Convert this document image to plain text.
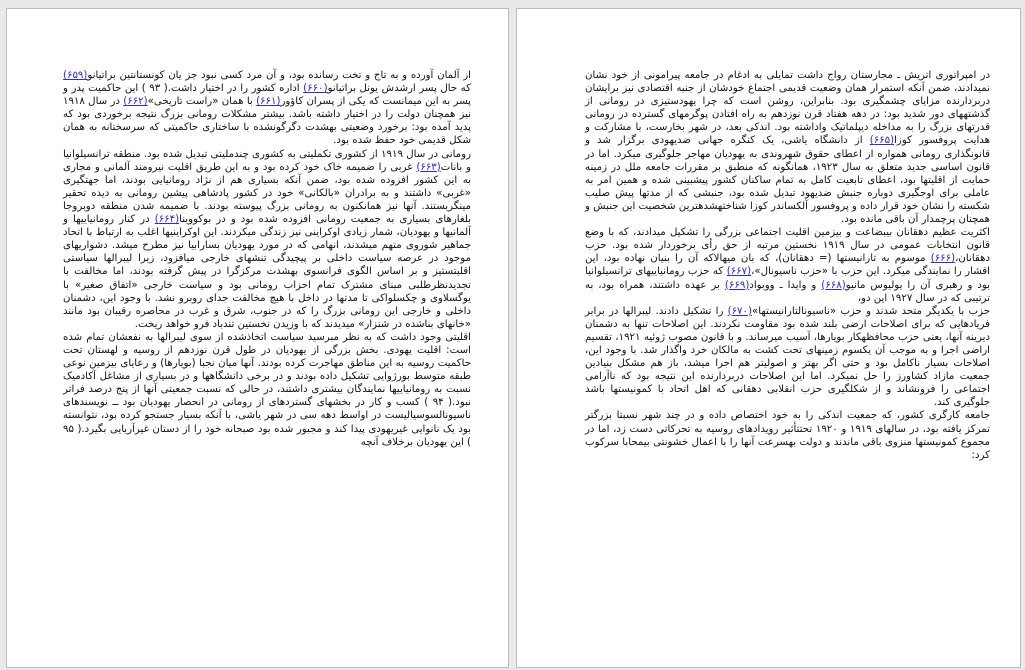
از آلمان آورده و به تاج و تخت رسانده بود، و آن مرد کسی نبود جز یان کونستانتین براتیانو(۶۵۹) که حال پسر ارشدش یونل براتیانو(۶۶۰) اداره کشور را در اختیار داشت.( ۹۳ ) این حاکمیت پدر و پسر به این میمانست که یکی از پسران کاؤور(۶۶۱) با همان «راست تاریخی»(۶۶۲) در سال ۱۹۱۸ نیز همچنان دولت را در اختیار داشته باشد. بیشتر مشکلات رومانی بزرگ نتیجه برخوردی بود که پدید آمده بود: برخورد وضعیتی بهشدت دگرگونشده با ساختاری حاکمیتی که سرسختانه به همان شکل قدیمی خود حفظ شده بود.

رومانی در سال ۱۹۱۹ از کشوری تکملیتی به کشوری چندملیتی تبدیل شده بود. منطقه ترانسیلوانیا و بانات(۶۶۳) غربی را ضمیمه خاک خود کرده بود و به این طریق اقلیت نیرومند آلمانی و مجاری به این کشور افزوده شده بود، ضمن آنکه بسیاری هم از نژاد رومانیایی بودند، اما جهتگیری «غربی» داشتند و به برادران «بالکانی» خود در کشور پادشاهی پیشین رومانی به دیده تحقیر مینگریستند. آنها نیز همانکنون به رومانی بزرگ پیوسته بودند. با ضمیمه شدن منطقه دوبروجا بلغارهای بسیاری به جمعیت رومانی افزوده شده بود و در بوکووینا(۶۶۴) در کنار رومانیاییها و آلمانیها و یهودیان، شمار زیادی اوکراینی نیز زندگی میکردند. این اوکراینیها اغلب به ارتباط با اتحاد جماهیر شوروی متهم میشدند، انهامی که در مورد یهودیان بسارابیا نیز مطرح میشد. دشواریهای موجود در عرصه سیاست داخلی بر پیچیدگی تنشهای خارجی میافزود، زیرا لیبرالها سیاستی اقلیتستیز و بر اساس الگوی فرانسوی بهشدت مرکزگرا در پیش گرفته بودند، اما مخالفت با تجدیدنظرطلبی مبنای مشترک تمام احزاب رومانی بود و سیاست خارجی «اتفاق صغیر» با یوگسلاوی و چکسلواکی تا مدتها در داخل با هیچ مخالفت جدای روبرو نشد. با وجود این، دشمنان داخلی و خارجی این رومانی بزرگ را که در جنوب، شرق و غرب در محاصره رقیبان بود مانند «خانهای بناشده در شنزار» میدیدند که با وزیدن نخستین تندباد فرو خواهد ریخت.

اقلیتی وجود داشت که به نظر مبرسید سیاست اتخاذشده از سوی لیبرالها به نفعشان تمام شده است: اقلیت یهودی. بخش بزرگی از یهودیان در طول قرن نوزدهم از روسیه و لهستان تحت حاکمیت روسیه به این مناطق مهاجرت کرده بودند. آنها میان نجبا (بویارها) و رعایای بیزمین نوعی طبقه متوسط بورژوایی تشکیل داده بودند و در برخی دانشگاهها و در بسیاری از مشاغل آکادمیک نسبت به رومانیاییها نمایندگان بیشتری داشتند، در حالی که نسبت جمعیتی آنها از پنج درصد فراتر نبود.( ۹۴ ) کسب و کار در بخشهای گستردهای از رومانی در انحصار یهودیان بود ــ نویسندهای ناسیونالسوسیالیست در اواسط دهه سی در شهر یاشی، با آنکه بسیار جستجو کرده بود، نتوانسته بود یک نانوایی غیریهودی پیدا کند و مجبور شده بود صبحانه خود را از دستان غیرآریایی بگیرد.( ۹۵ ) این یهودیان برخلاف آنچه

در امپراتوری اتریش ـ مجارستان رواج داشت تمایلی به ادغام در جامعه پیرامونی از خود نشان نمیدادند، ضمن آنکه استمرار همان وضعیت قدیمی اجتماع خودشان از جنبه اقتصادی نیز برایشان دربردارنده مزایای چشمگیری بود. بنابراین، روشن است که چرا یهودستیزی در رومانی از گذشتههای دور شدید بود: در دهه هفتاد قرن نوزدهم به راه افتادن پوگرمهای گسترده در رومانی قدرتهای بزرگ را به مداخله دیپلماتیک واداشته بود. اندکی بعد، در شهر بخارست، با مشارکت و هدایت پروفسور کوزا(۶۶۵) از دانشگاه یاشی، یک کنگره جهانی ضدیهودی برگزار شد و قانونگذاری رومانی همواره از اعطای حقوق شهروندی به یهودیان مهاجر جلوگیری میکرد. اما در قانون اساسی جدید متعلق به سال ۱۹۲۳، همانگونه که منطبق بر مقررات جامعه ملل در زمینه حمایت از اقلیتها بود، اعطای تابعیت کامل به تمام ساکنان کشور پیشبینی شده و همین امر به عاملی برای اوجگیری دوباره جنبش ضدیهود تبدیل شده بود، جنبشی که از مدتها پیش صلیب شکسته را نشان خود قرار داده و پروفسور آلکساندر کوزا شناختهشدهترین شخصیت این جنبش و همچنان پرچمدار آن باقی مانده بود.

اکثریت عظیم دهقانان بیبضاعت و بیزمین اقلیت اجتماعی بزرگی را تشکیل میدادند، که با وضع قانون انتخابات عمومی در سال ۱۹۱۹ نخستین مرتبه از حق رأی برخوردار شده بود. حزب دهقانان،(۶۶۶) موسوم به تارانیستها (= دهقانان)، که بان میهالاکه آن را بنیان نهاده بود، این اقشار را نمایندگی میکرد. این حزب با «حزب ناسیونال»،(۶۶۷) که حزب رومانیاییهای ترانسیلوانیا بود و رهبری آن را یولیوس مانیو(۶۶۸) و وایدا ـ ووبواد(۶۶۹) بر عهده داشتند، همراه بود، به ترتیبی که در سال ۱۹۲۷ این دو،

حزب با یکدیگر متحد شدند و حزب «ناسیونالتارانیستها»(۶۷۰) را تشکیل دادند. لیبرالها در برابر فریادهایی که برای اصلاحات ارضی بلند شده بود مقاومت نکردند. این اصلاحات تنها به دشمنان دیرینه آنها، یعنی حزب محافظهکار بویارها، آسیب میرساند. و با قانون مصوب ژوئیه ۱۹۲۱، تقسیم اراضی اجرا و به موجب آن یکسوم زمینهای تحت کشت به مالکان خرد واگذار شد. با وجود این، اصلاحات بسیار ناکامل بود و حتی اگر بهتر و اصولیتر هم اجرا میشد، باز هم مشکل بنیادین جمعیت مازاد کشاورز را حل نمیکرد. اما این اصلاحات دربردارنده این نتیجه بود که ناآرامی اجتماعی را فرونشاند و از شکلگیری حزب انقلابی دهقانی که اهل اتحاد با کمونیستها باشد جلوگیری کند.

جامعه کارگری کشور، که جمعیت اندکی را به خود اختصاص داده و در چند شهر نسبتا بزرگتر تمرکز یافته بود، در سالهای ۱۹۱۹ و ۱۹۲۰ تحتتأثیر رویدادهای روسیه به تحرکاتی دست زد، اما در مجموع کمونیستها منزوی باقی ماندند و دولت بهسرعت آنها را با اعمال خشونتی بیمحابا سرکوب کرد:
